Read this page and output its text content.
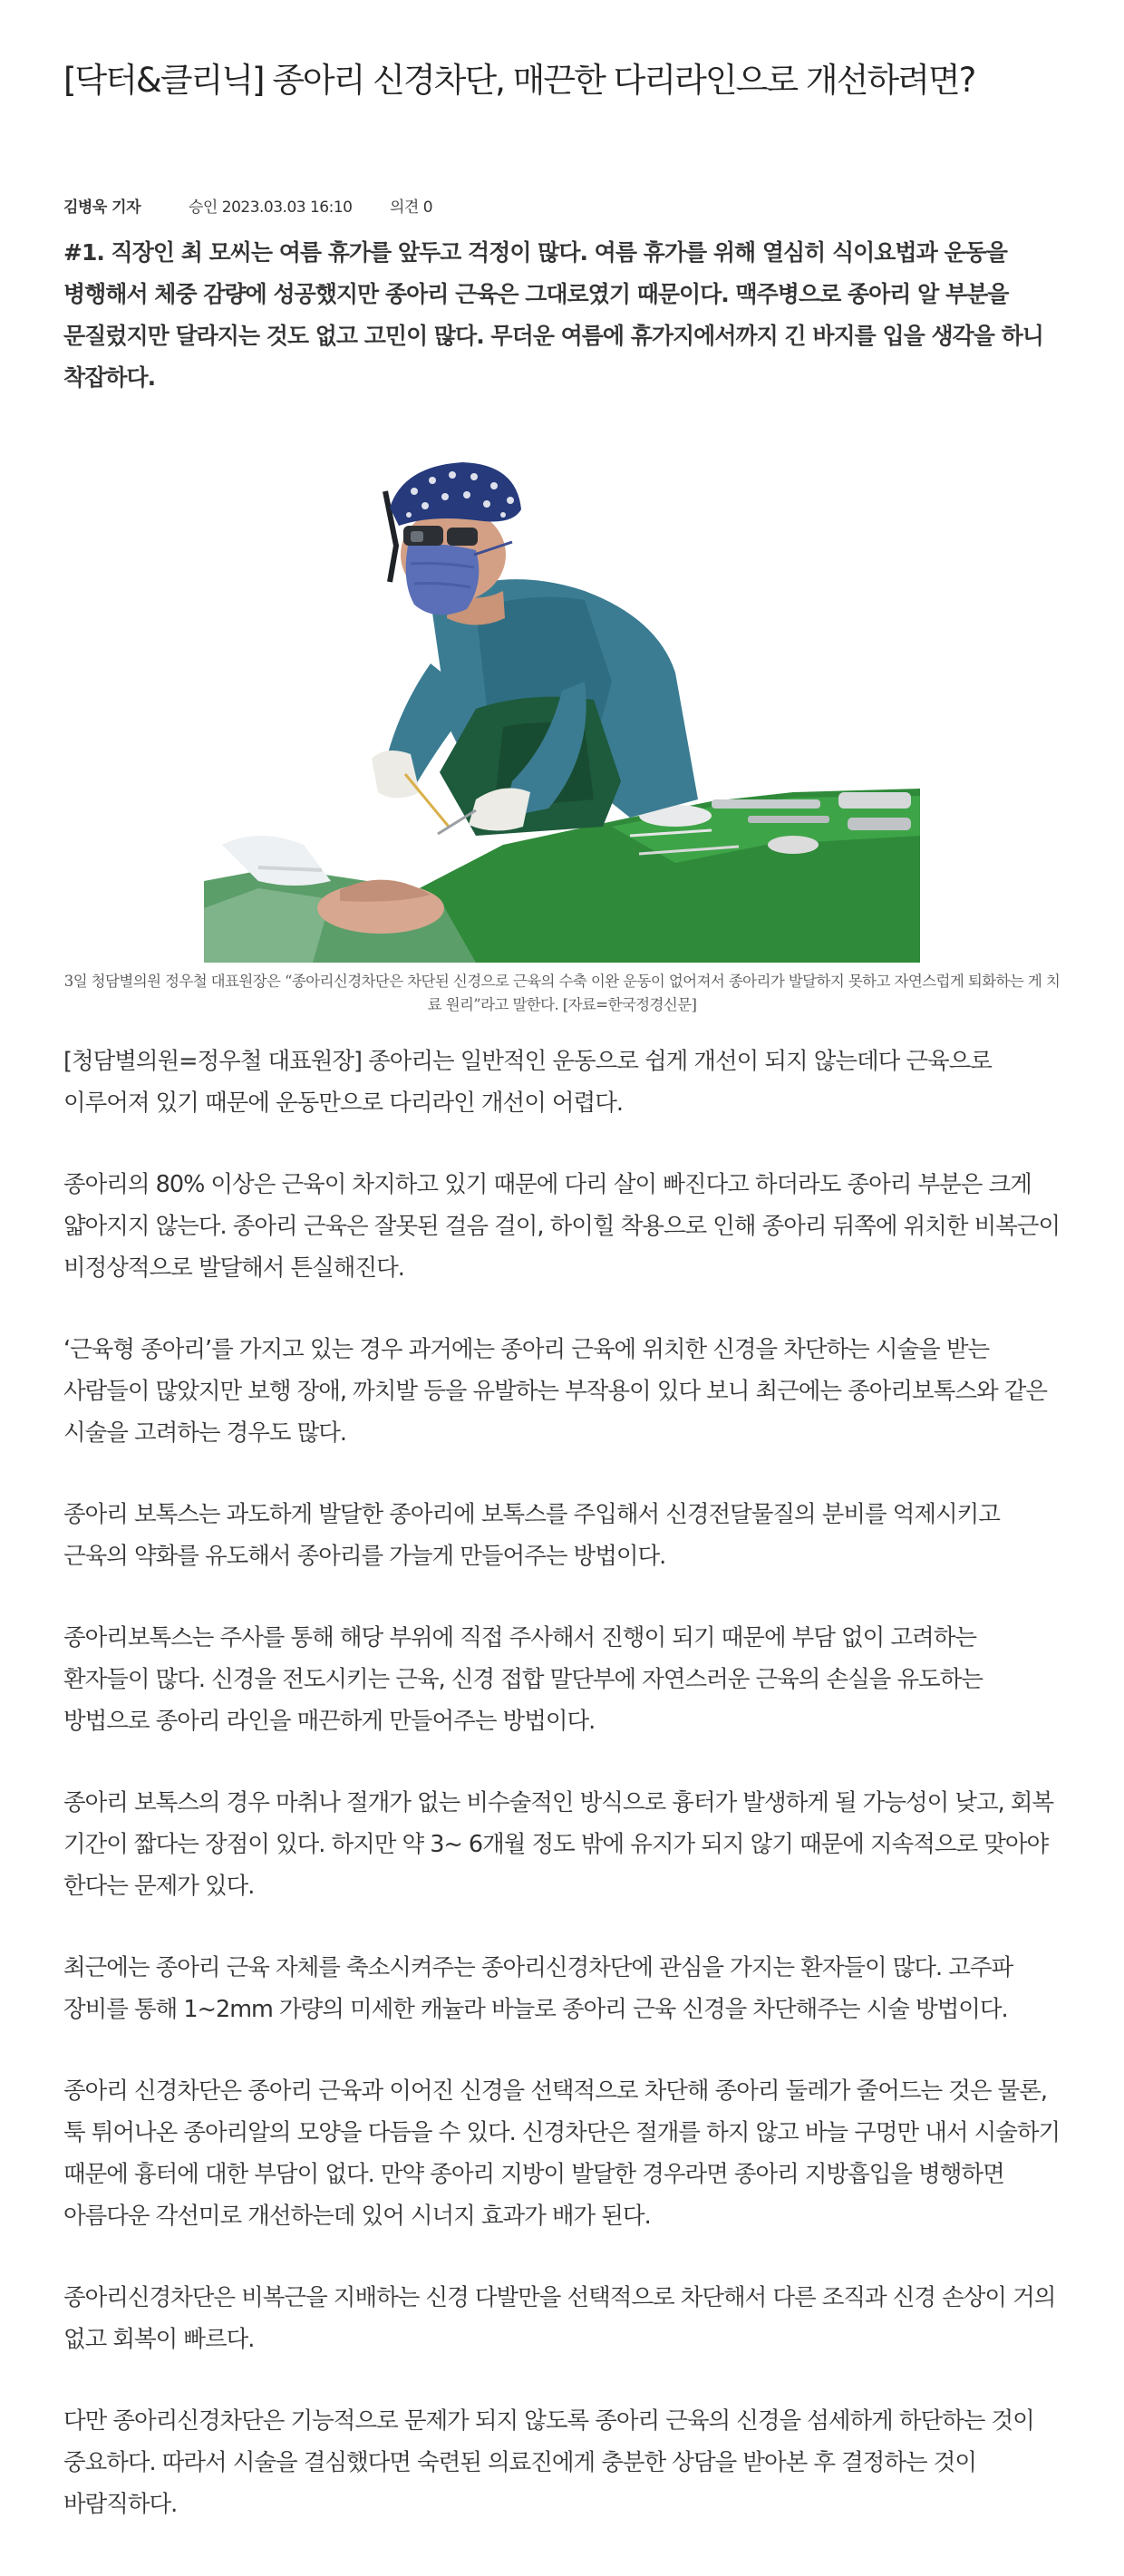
[닥터&클리닉] 종아리 신경차단, 매끈한 다리라인으로 개선하려면?
김병욱 기자	승인 2023.03.03 16:10 의견 0

#1. 직장인 최 모씨는 여름 휴가를 앞두고 걱정이 많다. 여름 휴가를 위해 열심히 식이요법과 운동을 병행해서 체중 감량에 성공했지만 종아리 근육은 그대로였기 때문이다. 맥주병으로 종아리 알 부분을 문질렀지만 달라지는 것도 없고 고민이 많다. 무더운 여름에 휴가지에서까지 긴 바지를 입을 생각을 하니 착잡하다.

3일 청담별의원 정우철 대표원장은 “종아리신경차단은 차단된 신경으로 근육의 수축 이완 운동이 없어져서 종아리가 발달하지 못하고 자연스럽게 퇴화하는 게 치료 원리”라고 말한다. [자료=한국정경신문]

[청담별의원=정우철 대표원장] 종아리는 일반적인 운동으로 쉽게 개선이 되지 않는데다 근육으로 이루어져 있기 때문에 운동만으로 다리라인 개선이 어렵다.

종아리의 80% 이상은 근육이 차지하고 있기 때문에 다리 살이 빠진다고 하더라도 종아리 부분은 크게 얇아지지 않는다. 종아리 근육은 잘못된 걸음 걸이, 하이힐 착용으로 인해 종아리 뒤쪽에 위치한 비복근이 비정상적으로 발달해서 튼실해진다.

‘근육형 종아리’를 가지고 있는 경우 과거에는 종아리 근육에 위치한 신경을 차단하는 시술을 받는 사람들이 많았지만 보행 장애, 까치발 등을 유발하는 부작용이 있다 보니 최근에는 종아리보톡스와 같은 시술을 고려하는 경우도 많다.

종아리 보톡스는 과도하게 발달한 종아리에 보톡스를 주입해서 신경전달물질의 분비를 억제시키고 근육의 약화를 유도해서 종아리를 가늘게 만들어주는 방법이다.

종아리보톡스는 주사를 통해 해당 부위에 직접 주사해서 진행이 되기 때문에 부담 없이 고려하는 환자들이 많다. 신경을 전도시키는 근육, 신경 접합 말단부에 자연스러운 근육의 손실을 유도하는 방법으로 종아리 라인을 매끈하게 만들어주는 방법이다.

종아리 보톡스의 경우 마취나 절개가 없는 비수술적인 방식으로 흉터가 발생하게 될 가능성이 낮고, 회복 기간이 짧다는 장점이 있다. 하지만 약 3~ 6개월 정도 밖에 유지가 되지 않기 때문에 지속적으로 맞아야 한다는 문제가 있다.

최근에는 종아리 근육 자체를 축소시켜주는 종아리신경차단에 관심을 가지는 환자들이 많다. 고주파 장비를 통해 1~2mm 가량의 미세한 캐뉼라 바늘로 종아리 근육 신경을 차단해주는 시술 방법이다.

종아리 신경차단은 종아리 근육과 이어진 신경을 선택적으로 차단해 종아리 둘레가 줄어드는 것은 물론, 툭 튀어나온 종아리알의 모양을 다듬을 수 있다. 신경차단은 절개를 하지 않고 바늘 구멍만 내서 시술하기 때문에 흉터에 대한 부담이 없다. 만약 종아리 지방이 발달한 경우라면 종아리 지방흡입을 병행하면 아름다운 각선미로 개선하는데 있어 시너지 효과가 배가 된다.

종아리신경차단은 비복근을 지배하는 신경 다발만을 선택적으로 차단해서 다른 조직과 신경 손상이 거의 없고 회복이 빠르다.

다만 종아리신경차단은 기능적으로 문제가 되지 않도록 종아리 근육의 신경을 섬세하게 하단하는 것이 중요하다. 따라서 시술을 결심했다면 숙련된 의료진에게 충분한 상담을 받아본 후 결정하는 것이 바람직하다.
